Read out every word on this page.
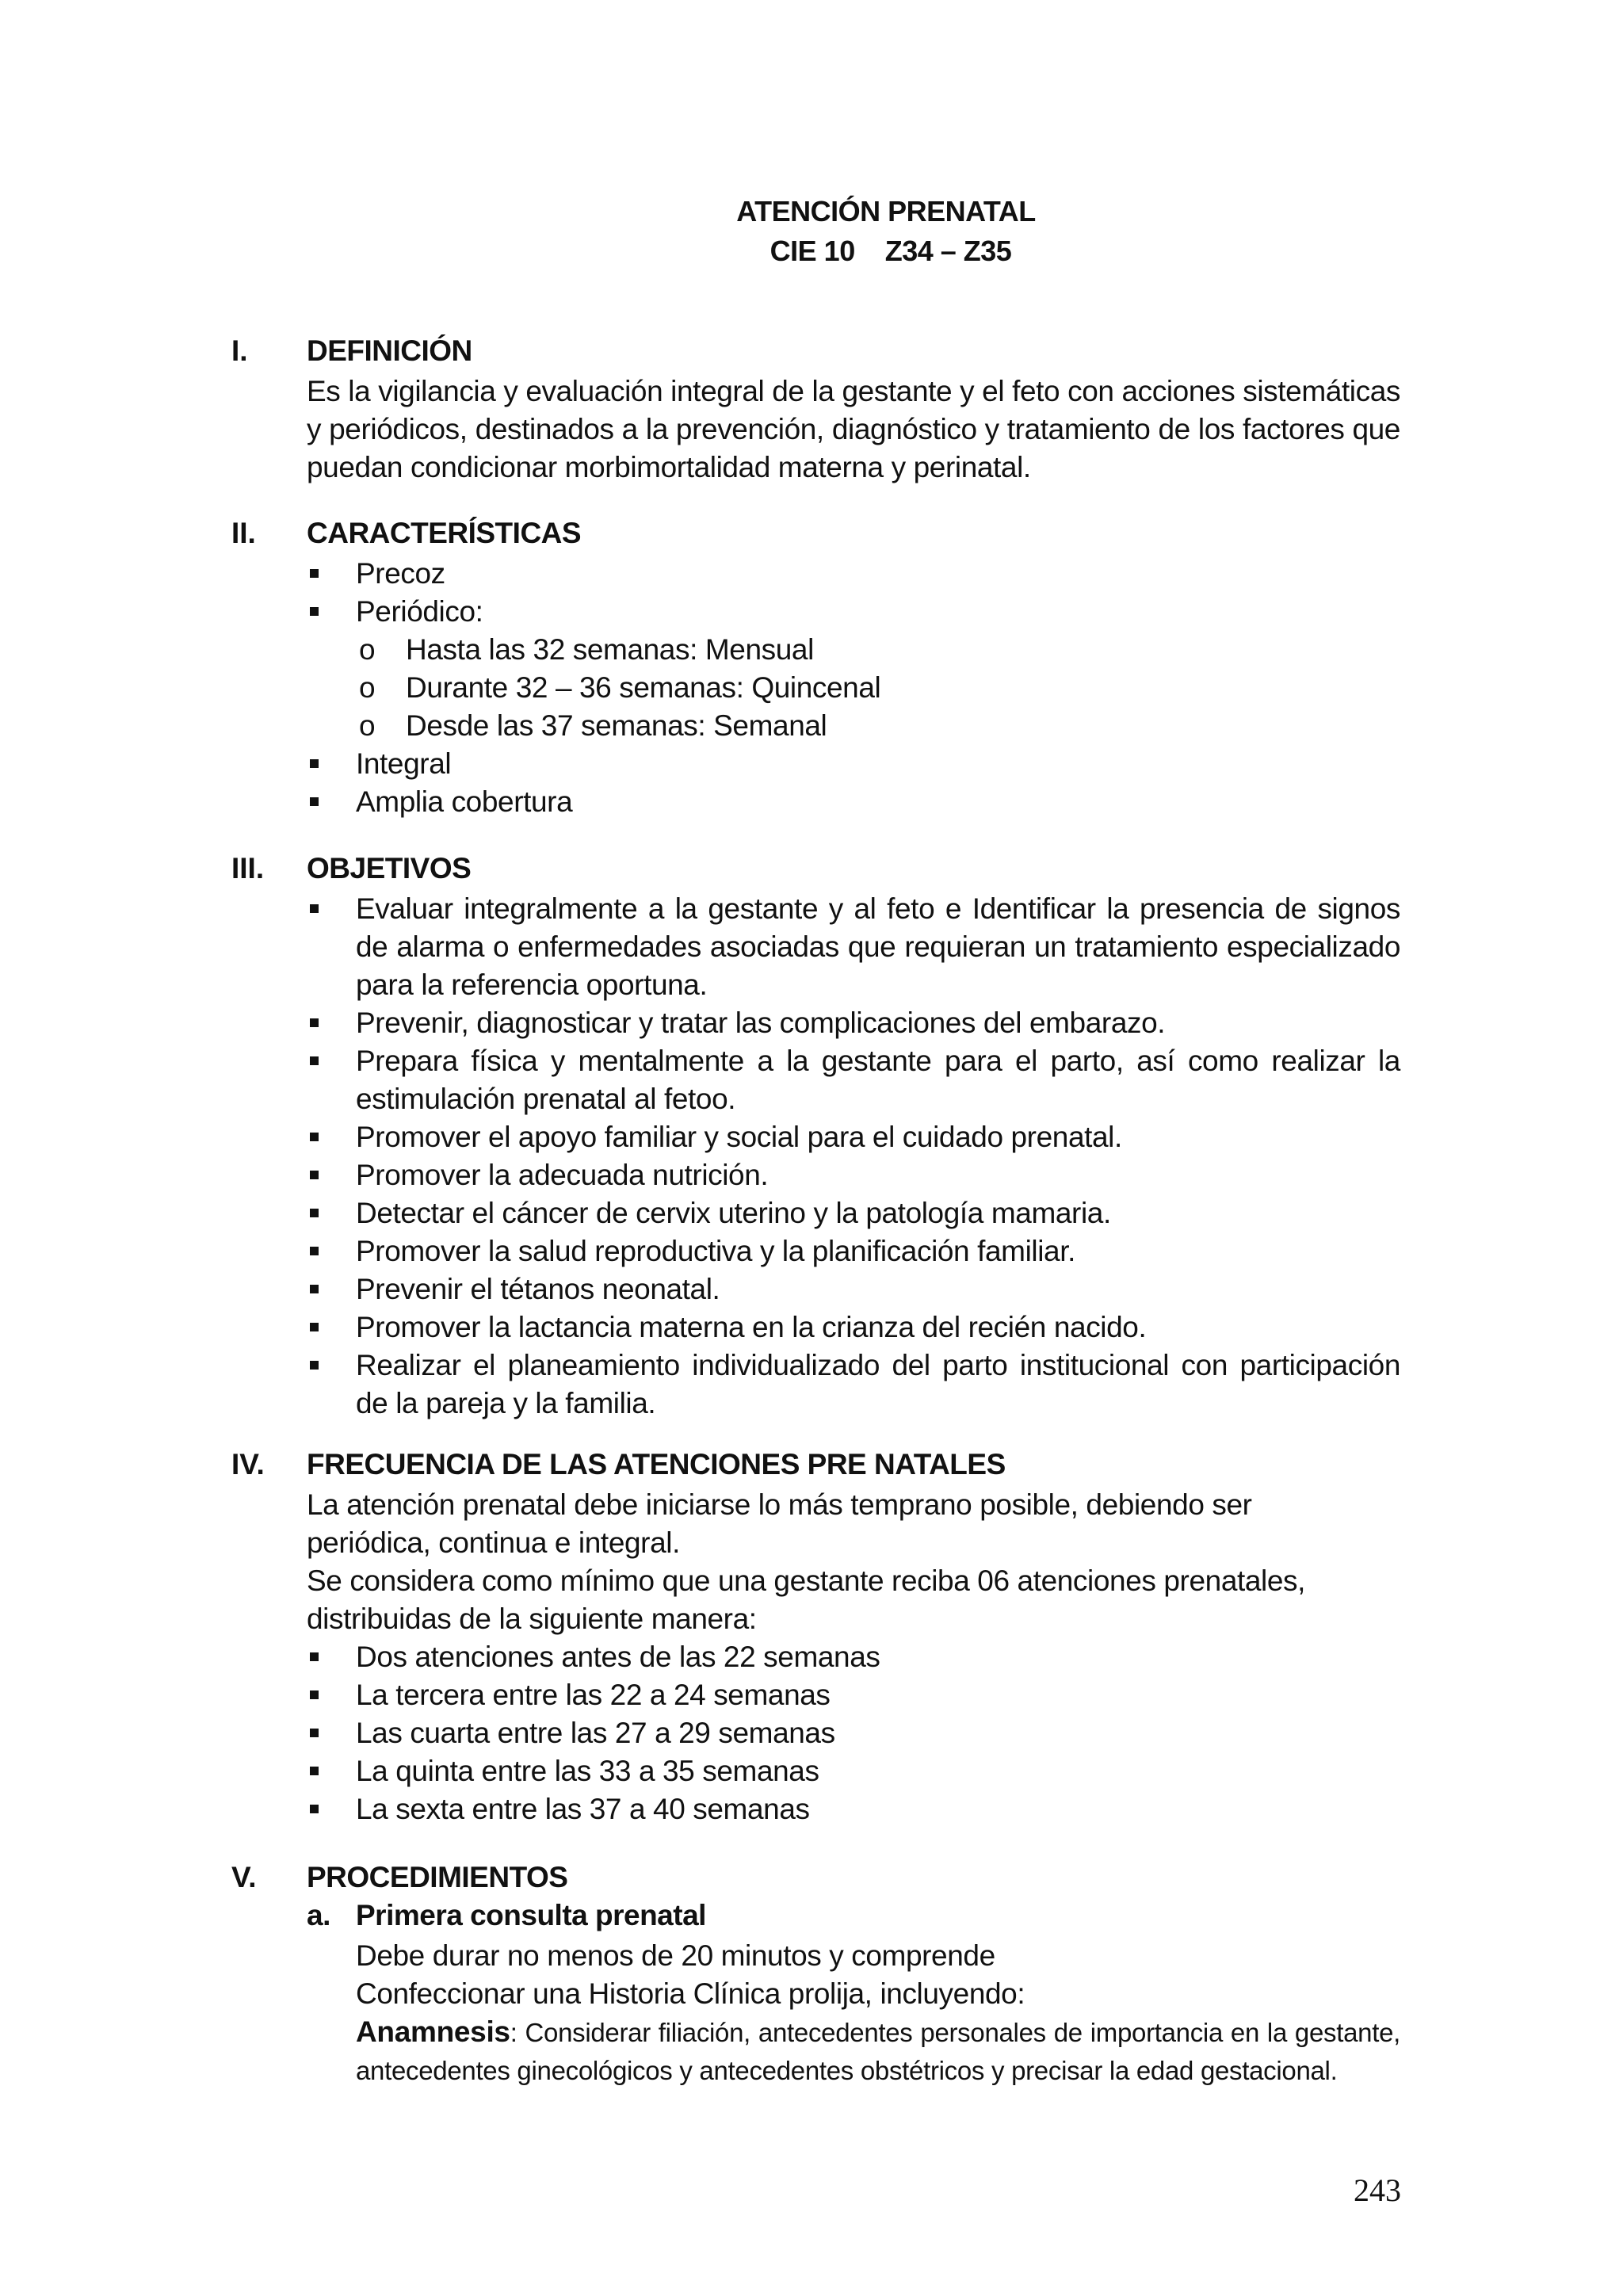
ATENCIÓN PRENATAL
CIE 10 Z34 – Z35
I. DEFINICIÓN
Es la vigilancia y evaluación integral de la gestante y el feto con acciones sistemáticas y periódicos, destinados a la prevención, diagnóstico y tratamiento de los factores que puedan condicionar morbimortalidad materna y perinatal.
II. CARACTERÍSTICAS
Precoz
Periódico:
o Hasta las 32 semanas: Mensual
o Durante 32 – 36 semanas: Quincenal
o Desde las 37 semanas: Semanal
Integral
Amplia cobertura
III. OBJETIVOS
Evaluar integralmente a la gestante y al feto e Identificar la presencia de signos de alarma o enfermedades asociadas que requieran un tratamiento especializado para la referencia oportuna.
Prevenir, diagnosticar y tratar las complicaciones del embarazo.
Prepara física y mentalmente a la gestante para el parto, así como realizar la estimulación prenatal al fetoo.
Promover el apoyo familiar y social para el cuidado prenatal.
Promover la adecuada nutrición.
Detectar el cáncer de cervix uterino y la patología mamaria.
Promover la salud reproductiva y la planificación familiar.
Prevenir el tétanos neonatal.
Promover la lactancia materna en la crianza del recién nacido.
Realizar el planeamiento individualizado del parto institucional con participación de la pareja y la familia.
IV. FRECUENCIA DE LAS ATENCIONES PRE NATALES
La atención prenatal debe iniciarse lo más temprano posible, debiendo ser periódica, continua e integral.
Se considera como mínimo que una gestante reciba 06 atenciones prenatales, distribuidas de la siguiente manera:
Dos atenciones antes de las 22 semanas
La tercera entre las 22 a 24 semanas
Las cuarta entre las 27 a 29 semanas
La quinta entre las 33 a 35 semanas
La sexta entre las 37 a 40 semanas
V. PROCEDIMIENTOS
a. Primera consulta prenatal
Debe durar no menos de 20 minutos y comprende
Confeccionar una Historia Clínica prolija, incluyendo:
Anamnesis: Considerar filiación, antecedentes personales de importancia en la gestante, antecedentes ginecológicos y antecedentes obstétricos y precisar la edad gestacional.
243
